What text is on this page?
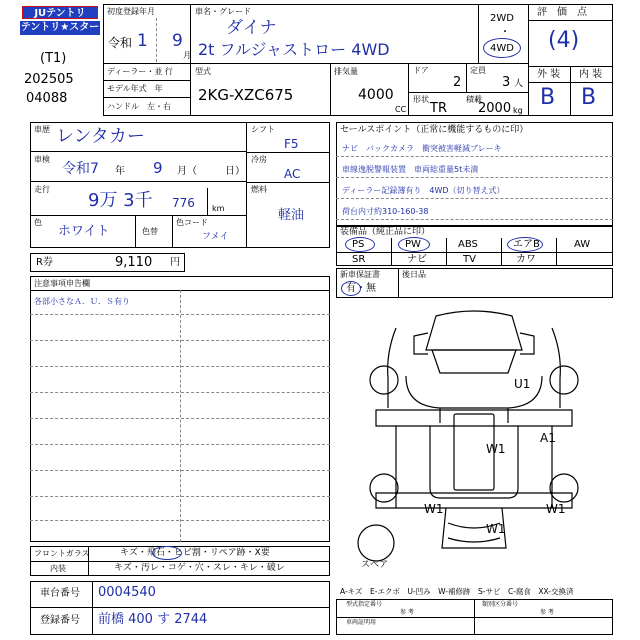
JUテントリ
テントリ★スター
(T1)
202505
04088
初度登録年月
令和 1 9
月
車名・グレード
ダイナ
2t フルジャストロー 4WD
2WD
・
4WD
評　価　点
(4)
ディーラー・並 行
モデル年式　年
ハンドル　左・右
型式
2KG-XZC675
排気量
4000
CC
ドア
2
定員
3 人
形状
TR
積載
2000 kg
外 装 内 装
B B
車歴 レンタカー
車検
令和7 年 9 月（	日）
走行
9万 3千 776 km
色
ホワイト	色替
色コード
フメイ
シフト
F5
冷房
AC
燃料
軽油
R券	9,110 円
セールスポイント（正常に機能するものに印）
ナビ　バックカメラ　衝突被害軽減ブレーキ
車線逸脱警報装置　車両総重量5t未満
ディーラー記録簿有り　4WD（切り替え式）
荷台内寸約310-160-38
装備品（純正品に印）
PS	PW	ABS	エアB	AW
SR	ナビ	TV	カワ
新車保証書
有・無
後日品
注意事項申告欄
各部小さなＡ．Ｕ．Ｓ有り
U1
A1
W1
W1	W1
W1
スペア
A-キズ　E-エクボ　U-凹み　W-補修跡　S-サビ　C-腐食　XX-交換済
フロントガラス	キズ・飛石・ヒビ割・リペア跡・X要
内装	キズ・汚レ・コゲ・穴・スレ・キレ・破レ
車台番号 0004540
登録番号 前橋 400 す 2744
型式指定番号	類別区分番号
車両証明用
参 考	参 考
